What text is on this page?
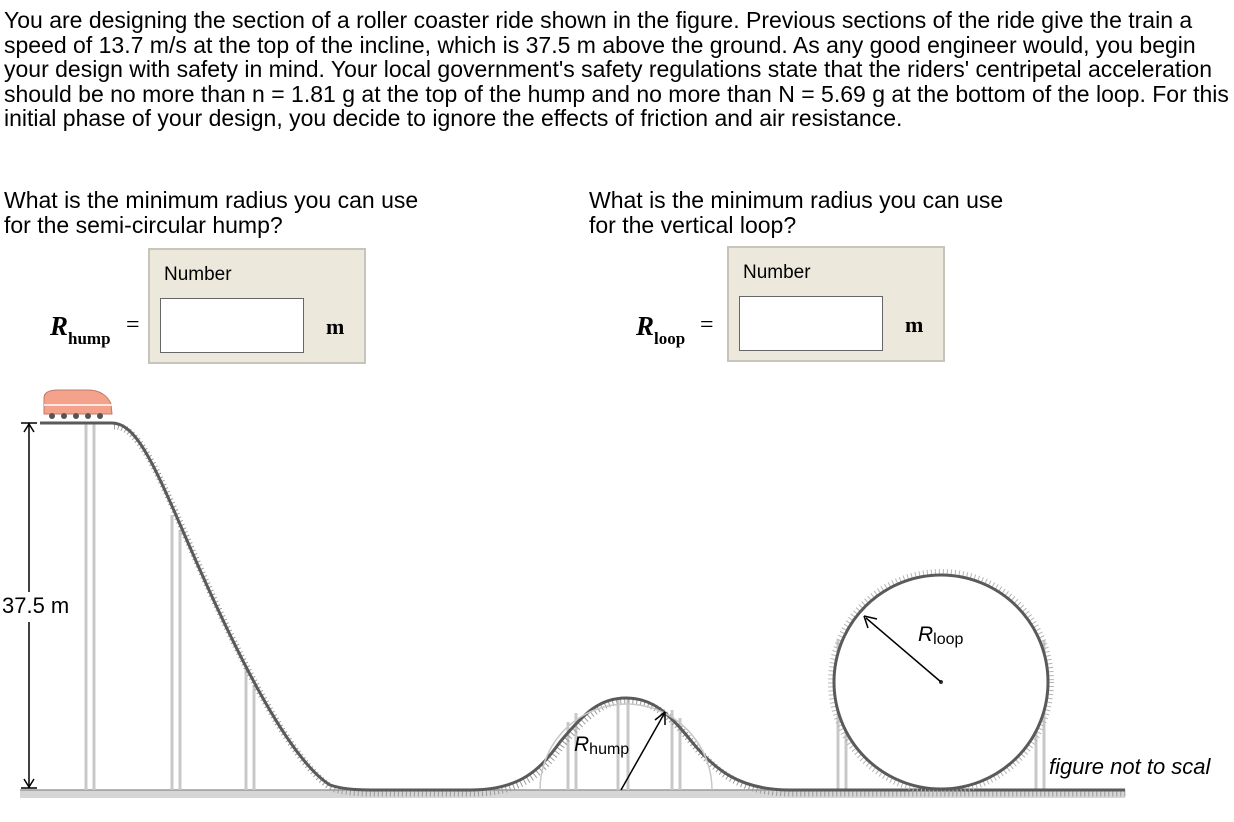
You are designing the section of a roller coaster ride shown in the figure. Previous sections of the ride give the train a speed of 13.7 m/s at the top of the incline, which is 37.5 m above the ground. As any good engineer would, you begin your design with safety in mind. Your local government's safety regulations state that the riders' centripetal acceleration should be no more than n = 1.81 g at the top of the hump and no more than N = 5.69 g at the bottom of the loop. For this initial phase of your design, you decide to ignore the effects of friction and air resistance.

What is the minimum radius you can use for the semi-circular hump?

$R_{hump}$
=
Number
m

What is the minimum radius you can use for the vertical loop?

$R_{loop}$
=
Number
m
Rloop
Rhump
37.5 m
figure not to scal
